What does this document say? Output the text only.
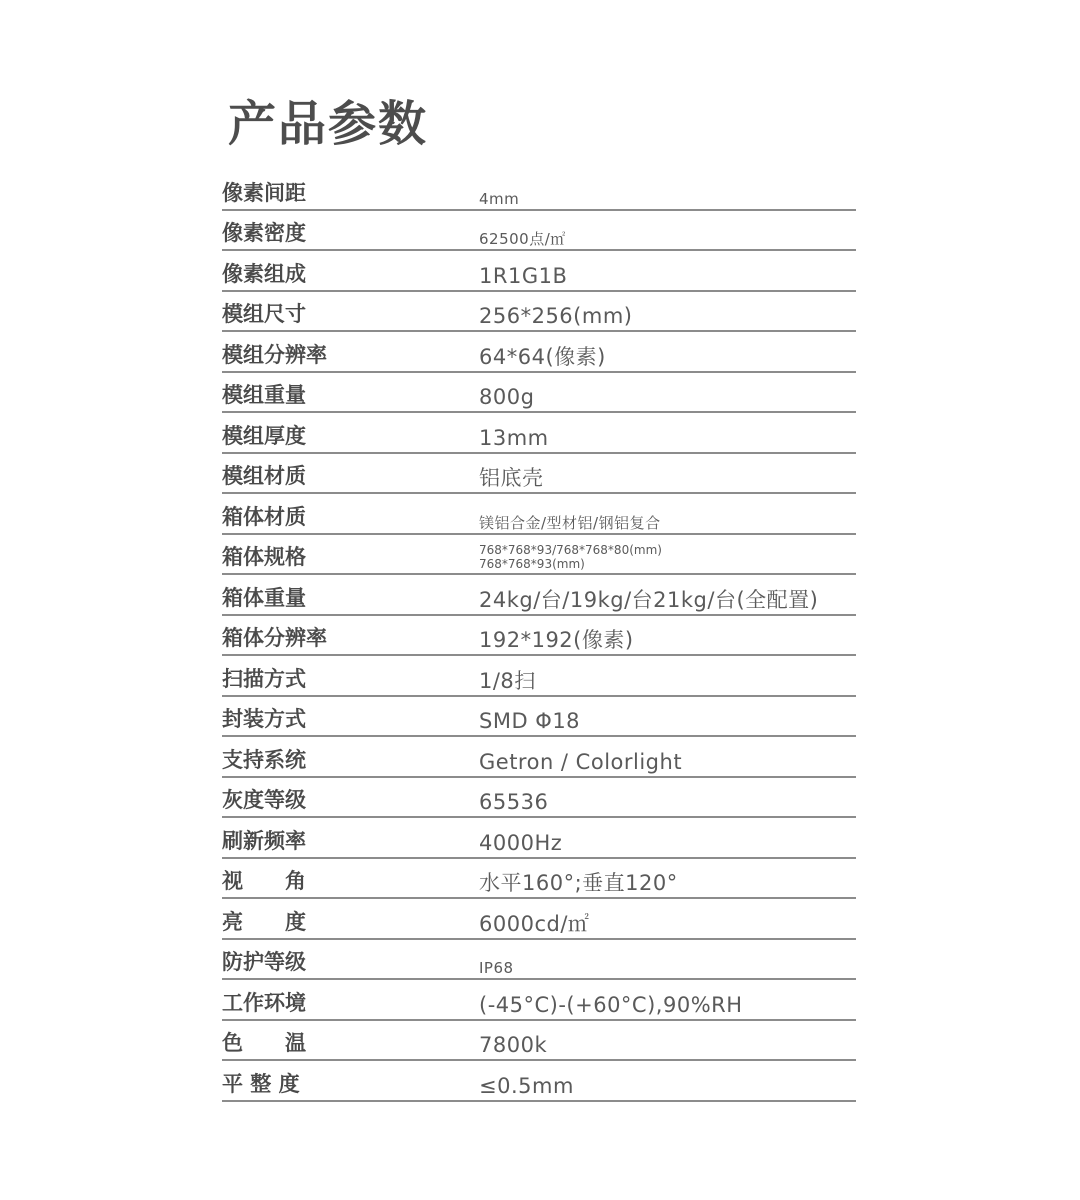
产品参数
像素间距	4mm
像素密度	62500点/㎡
像素组成	1R1G1B
模组尺寸	256*256(mm)
模组分辨率	64*64(像素)
模组重量	800g
模组厚度	13mm
模组材质	铝底壳
箱体材质	镁铝合金/型材铝/钢铝复合
箱体规格	768*768*93/768*768*80(mm)
768*768*93(mm)
箱体重量	24kg/台/19kg/台21kg/台(全配置)
箱体分辨率	192*192(像素)
扫描方式	1/8扫
封装方式	SMD Φ18
支持系统	Getron / Colorlight
灰度等级	65536
刷新频率	4000Hz
视　　角	水平160°;垂直120°
亮　　度	6000cd/㎡
防护等级	IP68
工作环境	(-45°C)-(+60°C),90%RH
色　　温	7800k
平 整 度	≤0.5mm
